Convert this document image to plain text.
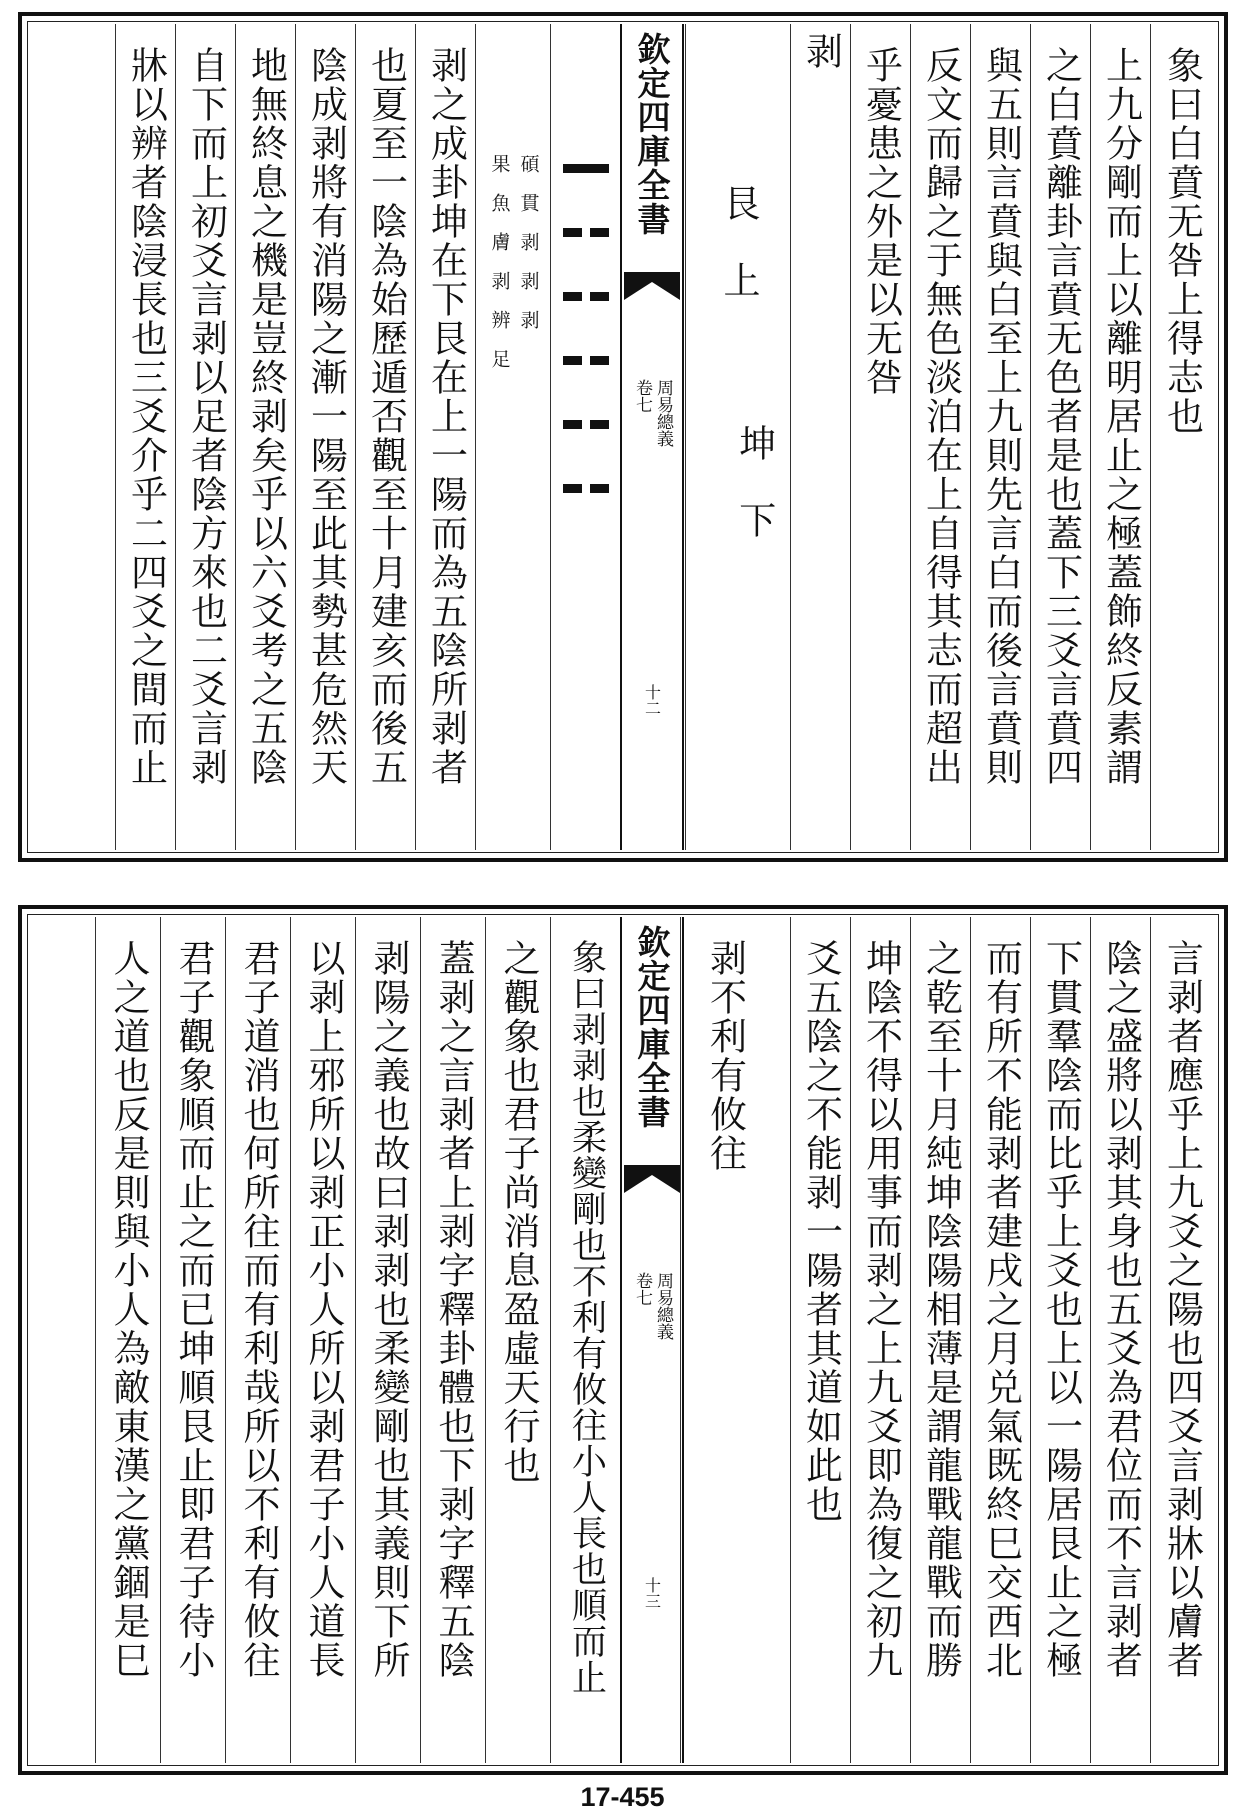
象曰白賁无咎上得志也
上九分剛而上以離明居止之極蓋飾終反素謂
之白賁離卦言賁无色者是也蓋下三爻言賁四
與五則言賁與白至上九則先言白而後言賁則
反文而歸之于無色淡泊在上自得其志而超出
乎憂患之外是以无咎
剥
艮上
坤下
欽定四庫全書
周易總義
卷七
十二
碩貫剥剥剥
果魚膚剥辨足
剥之成卦坤在下艮在上一陽而為五陰所剥者
也夏至一陰為始歷遁否觀至十月建亥而後五
陰成剥將有消陽之漸一陽至此其勢甚危然天
地無終息之機是豈終剥矣乎以六爻考之五陰
自下而上初爻言剥以足者陰方來也二爻言剥
牀以辨者陰浸長也三爻介乎二四爻之間而止
言剥者應乎上九爻之陽也四爻言剥牀以膚者
陰之盛將以剥其身也五爻為君位而不言剥者
下貫羣陰而比乎上爻也上以一陽居艮止之極
而有所不能剥者建戌之月兑氣既終巳交西北
之乾至十月純坤陰陽相薄是謂龍戰龍戰而勝
坤陰不得以用事而剥之上九爻即為復之初九
爻五陰之不能剥一陽者其道如此也
剥不利有攸往
欽定四庫全書
周易總義
卷七
十三
象曰剥剥也柔變剛也不利有攸往小人長也順而止
之觀象也君子尚消息盈虛天行也
蓋剥之言剥者上剥字釋卦體也下剥字釋五陰
剥陽之義也故曰剥剥也柔變剛也其義則下所
以剥上邪所以剥正小人所以剥君子小人道長
君子道消也何所往而有利哉所以不利有攸往
君子觀象順而止之而已坤順艮止即君子待小
人之道也反是則與小人為敵東漢之黨錮是巳
17-455
